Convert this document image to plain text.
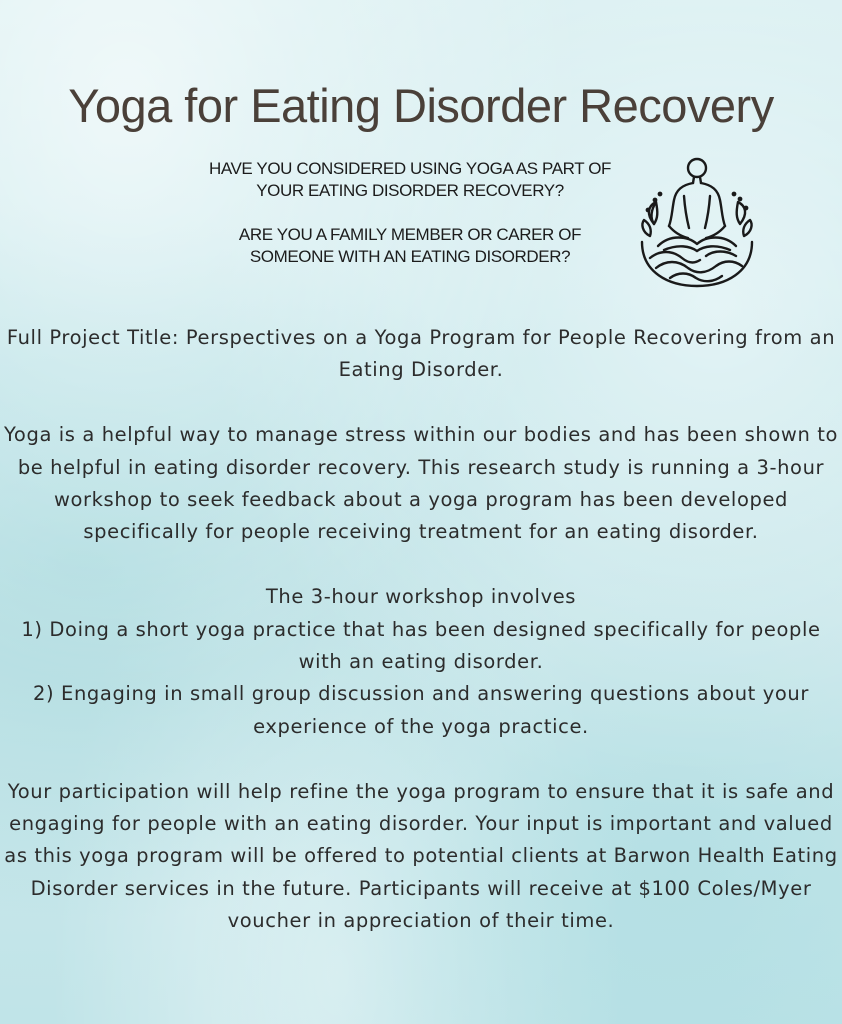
Yoga for Eating Disorder Recovery

HAVE YOU CONSIDERED USING YOGA AS PART OF YOUR EATING DISORDER RECOVERY?

ARE YOU A FAMILY MEMBER OR CARER OF SOMEONE WITH AN EATING DISORDER?

Full Project Title: Perspectives on a Yoga Program for People Recovering from an Eating Disorder.

Yoga is a helpful way to manage stress within our bodies and has been shown to be helpful in eating disorder recovery. This research study is running a 3-hour workshop to seek feedback about a yoga program has been developed specifically for people receiving treatment for an eating disorder.

The 3-hour workshop involves

1) Doing a short yoga practice that has been designed specifically for people with an eating disorder.

2) Engaging in small group discussion and answering questions about your experience of the yoga practice.

Your participation will help refine the yoga program to ensure that it is safe and engaging for people with an eating disorder. Your input is important and valued as this yoga program will be offered to potential clients at Barwon Health Eating Disorder services in the future. Participants will receive at $100 Coles/Myer voucher in appreciation of their time.
